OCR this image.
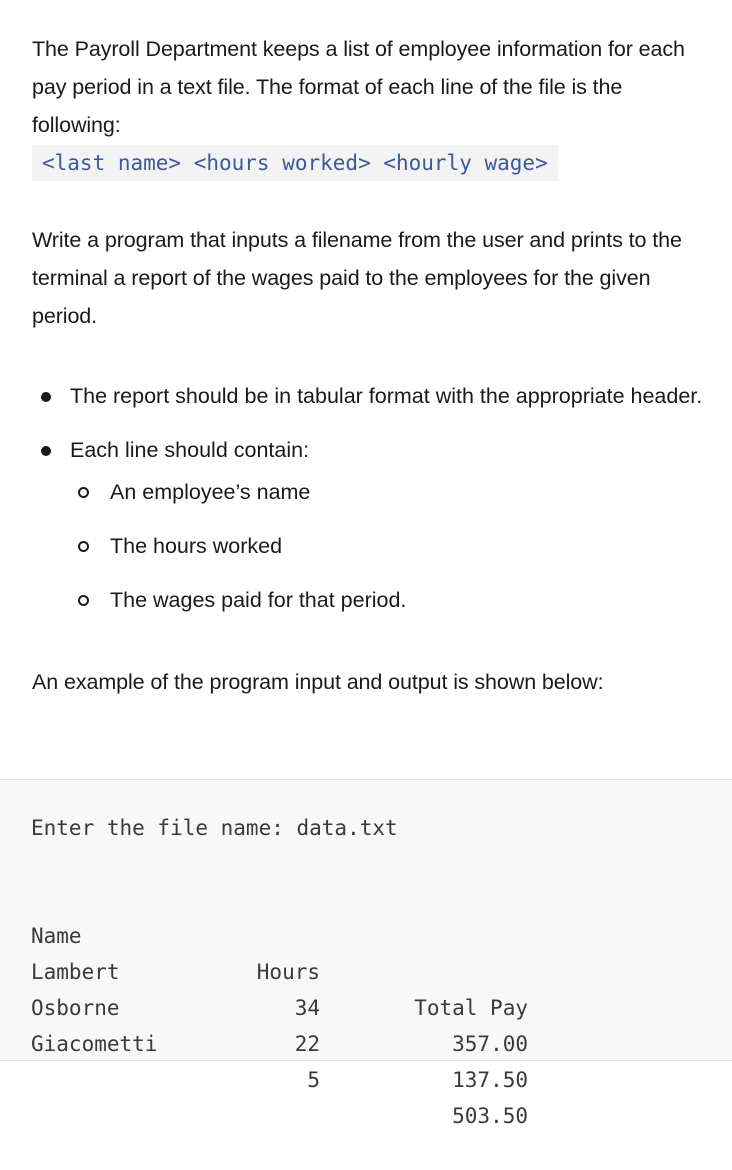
The Payroll Department keeps a list of employee information for each pay period in a text file. The format of each line of the file is the following:

<last name> <hours worked> <hourly wage>

Write a program that inputs a filename from the user and prints to the terminal a report of the wages paid to the employees for the given period.

The report should be in tabular format with the appropriate header.
Each line should contain:
An employee’s name
The hours worked
The wages paid for that period.

An example of the program input and output is shown below:

Enter the file name: data.txt

Name

Hours

Total Pay

Lambert

34

357.00

Osborne

22

137.50

Giacometti

5

503.50
